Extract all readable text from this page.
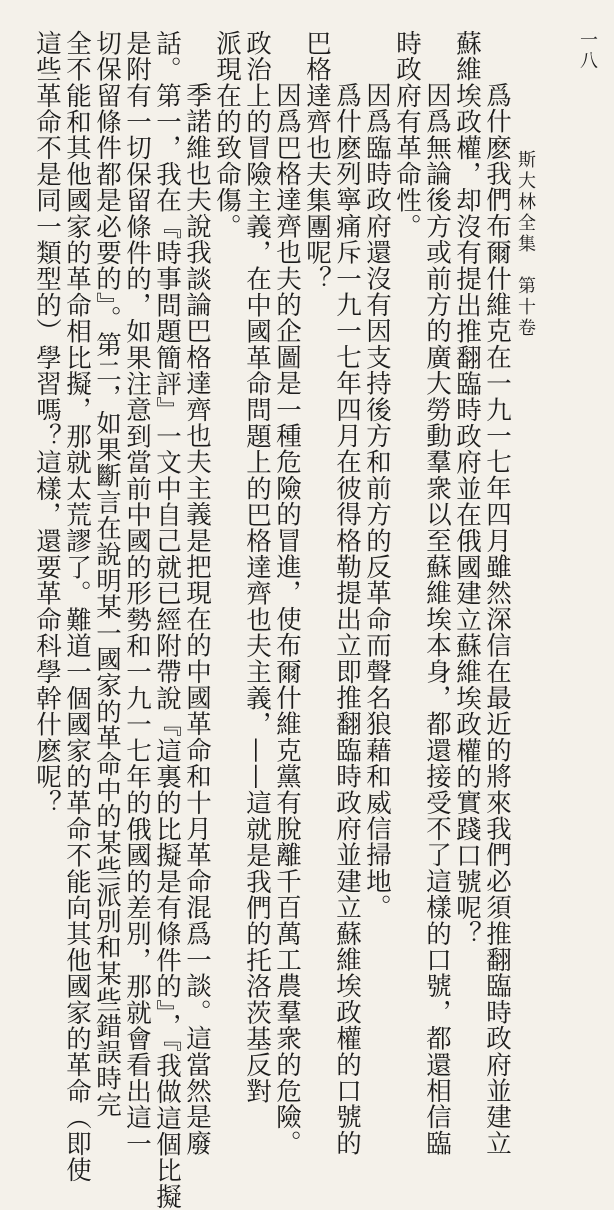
一八
斯大林全集　第十卷
爲什麽我們布爾什維克在一九一七年四月雖然深信在最近的將來我們必須推翻臨時政府並建立
蘇維埃政權，却沒有提出推翻臨時政府並在俄國建立蘇維埃政權的實踐口號呢？
因爲無論後方或前方的廣大勞動羣衆以至蘇維埃本身，都還接受不了這樣的口號，都還相信臨
時政府有革命性。
因爲臨時政府還沒有因支持後方和前方的反革命而聲名狼藉和威信掃地。
爲什麽列寧痛斥一九一七年四月在彼得格勒提出立即推翻臨時政府並建立蘇維埃政權的口號的
巴格達齊也夫集團呢？
因爲巴格達齊也夫的企圖是一種危險的冒進，使布爾什維克黨有脫離千百萬工農羣衆的危險。
政治上的冒險主義，在中國革命問題上的巴格達齊也夫主義，——這就是我們的托洛茨基反對
派現在的致命傷。
季諾維也夫說我談論巴格達齊也夫主義是把現在的中國革命和十月革命混爲一談。這當然是廢
話。第一，我在『時事問題簡評』一文中自己就已經附帶說『這裏的比擬是有條件的』，『我做這個比擬
是附有一切保留條件的，如果注意到當前中國的形勢和一九一七年的俄國的差別，那就會看出這一
切保留條件都是必要的』。第二，如果斷言在說明某一國家的革命中的某些派別和某些錯誤時完
全不能和其他國家的革命相比擬，那就太荒謬了。難道一個國家的革命不能向其他國家的革命（即使
這些革命不是同一類型的）學習嗎？這樣，還要革命科學幹什麽呢？
